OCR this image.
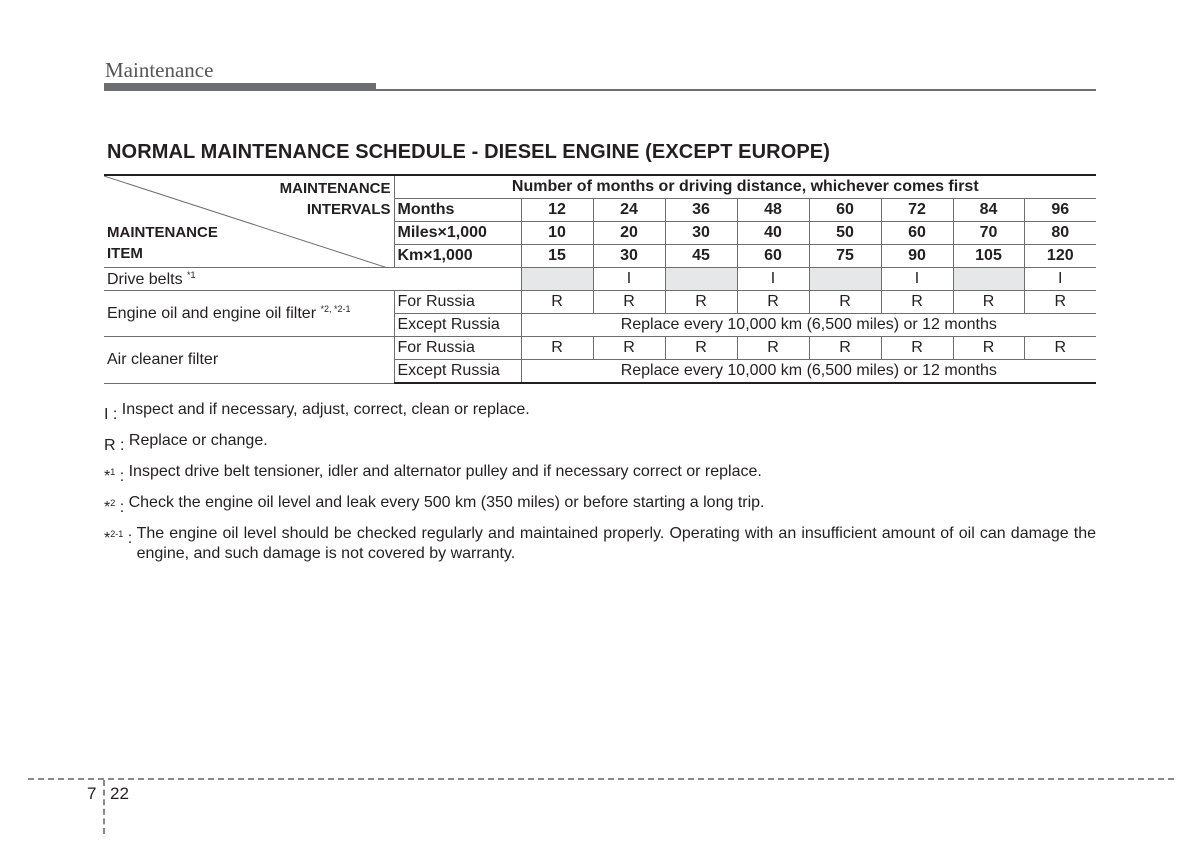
Maintenance
NORMAL MAINTENANCE SCHEDULE - DIESEL ENGINE (EXCEPT EUROPE)
MAINTENANCE
INTERVALS
MAINTENANCE
ITEM	Number of months or driving distance, whichever comes first								
	Months	12	24	36	48	60	72	84	96
	Miles×1,000	10	20	30	40	50	60	70	80
	Km×1,000	15	30	45	60	75	90	105	120
Drive belts $^{*1}$			I		I		I		I
Engine oil and engine oil filter $^{*2, *2-1}$	For Russia	R	R	R	R	R	R	R	R
	Except Russia	Replace every 10,000 km (6,500 miles) or 12 months							
Air cleaner filter	For Russia	R	R	R	R	R	R	R	R
	Except Russia	Replace every 10,000 km (6,500 miles) or 12 months							
I : Inspect and if necessary, adjust, correct, clean or replace.
R : Replace or change.
*$^1$ : Inspect drive belt tensioner, idler and alternator pulley and if necessary correct or replace.
*$^2$ : Check the engine oil level and leak every 500 km (350 miles) or before starting a long trip.
*$^{2-1}$ : The engine oil level should be checked regularly and maintained properly. Operating with an insufficient amount of oil can damage the engine, and such damage is not covered by warranty.
7 22
